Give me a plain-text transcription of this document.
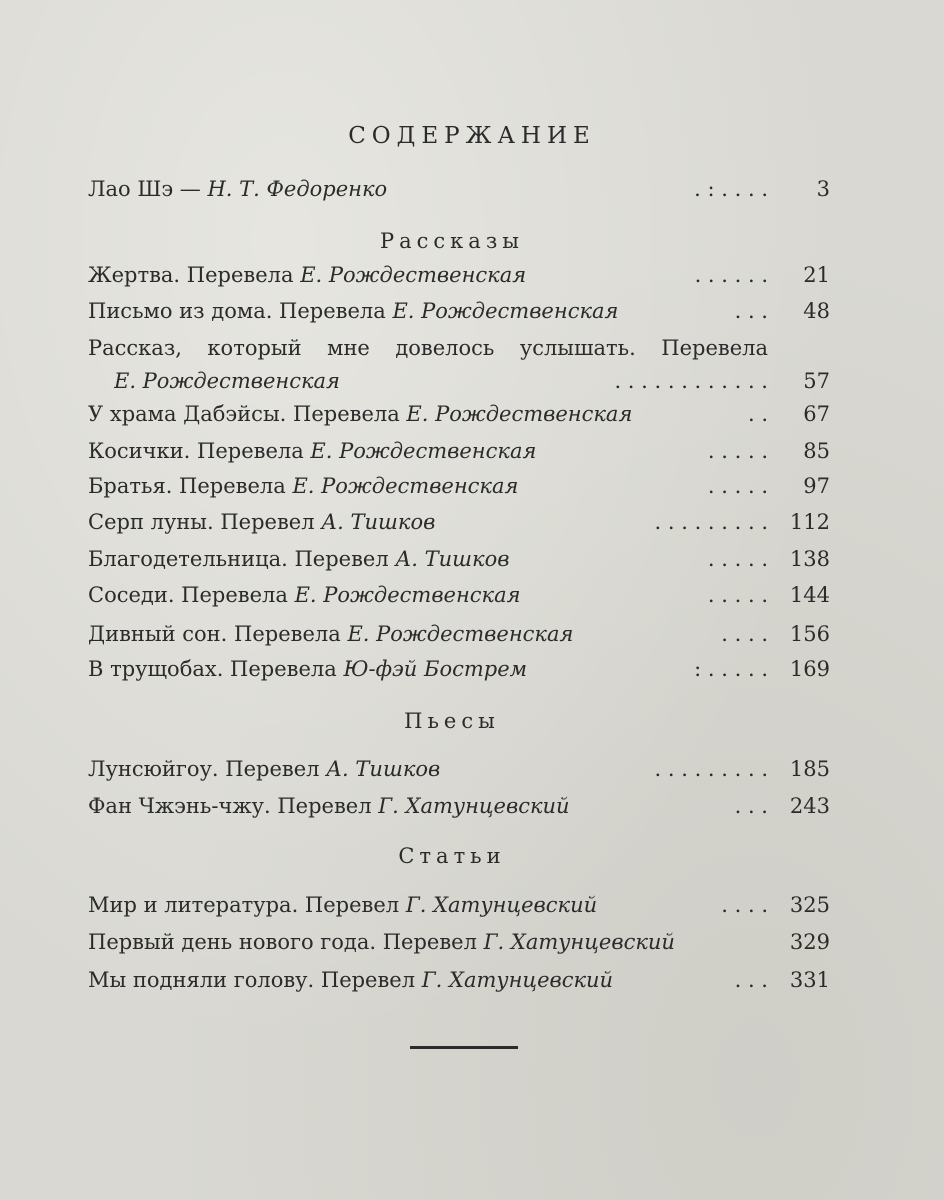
СОДЕРЖАНИЕ
Лао Шэ — Н. Т. Федоренко	. : . . . .	3
Рассказы
Жертва. Перевела Е. Рождественская	. . . . . .	21
Письмо из дома. Перевела Е. Рождественская	. . .	48
Рассказ, который мне довелось услышать. Перевела
Е. Рождественская	. . . . . . . . . . . .	57
У храма Дабэйсы. Перевела Е. Рождественская	. .	67
Косички. Перевела Е. Рождественская	. . . . .	85
Братья. Перевела Е. Рождественская	. . . . .	97
Серп луны. Перевел А. Тишков	. . . . . . . . .	112
Благодетельница. Перевел А. Тишков	. . . . .	138
Соседи. Перевела Е. Рождественская	. . . . .	144
Дивный сон. Перевела Е. Рождественская	. . . .	156
В трущобах. Перевела Ю-фэй Бострем	: . . . . .	169
Пьесы
Лунсюйгоу. Перевел А. Тишков	. . . . . . . . .	185
Фан Чжэнь-чжу. Перевел Г. Хатунцевский	. . .	243
Статьи
Мир и литература. Перевел Г. Хатунцевский	. . . .	325
Первый день нового года. Перевел Г. Хатунцевский	329
Мы подняли голову. Перевел Г. Хатунцевский	. . .	331
